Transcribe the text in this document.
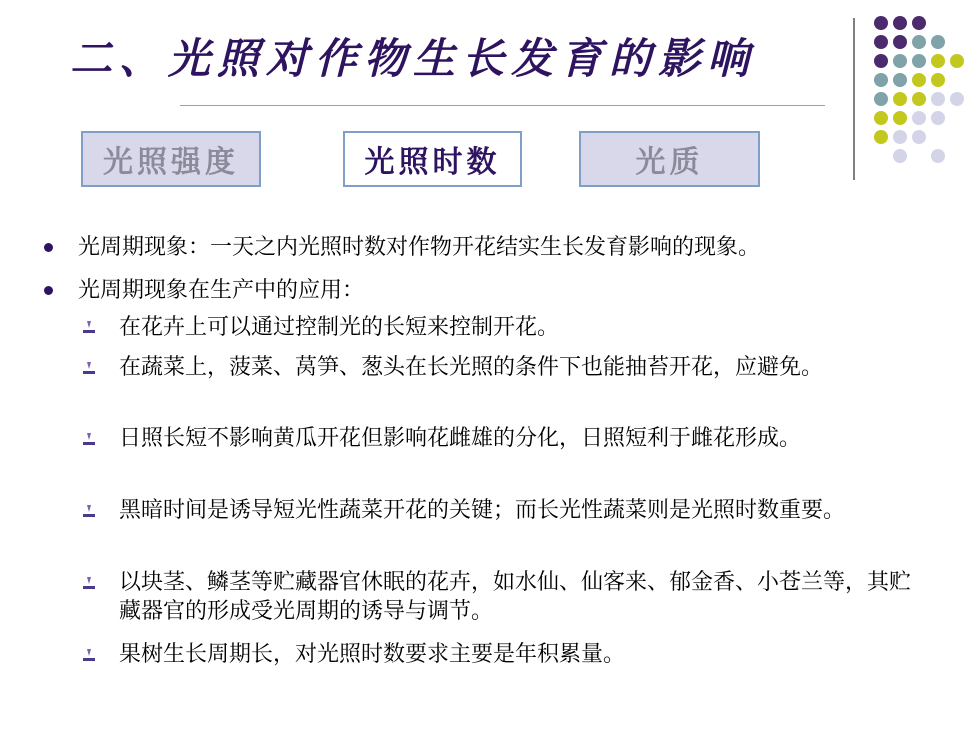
二、光照对作物生长发育的影响
光照强度	光照时数	光质
光周期现象：一天之内光照时数对作物开花结实生长发育影响的现象。
光周期现象在生产中的应用：
在花卉上可以通过控制光的长短来控制开花。
在蔬菜上，菠菜、莴笋、葱头在长光照的条件下也能抽苔开花，应避免。
日照长短不影响黄瓜开花但影响花雌雄的分化，日照短利于雌花形成。
黑暗时间是诱导短光性蔬菜开花的关键；而长光性蔬菜则是光照时数重要。
以块茎、鳞茎等贮藏器官休眠的花卉，如水仙、仙客来、郁金香、小苍兰等，其贮藏器官的形成受光周期的诱导与调节。
果树生长周期长，对光照时数要求主要是年积累量。
